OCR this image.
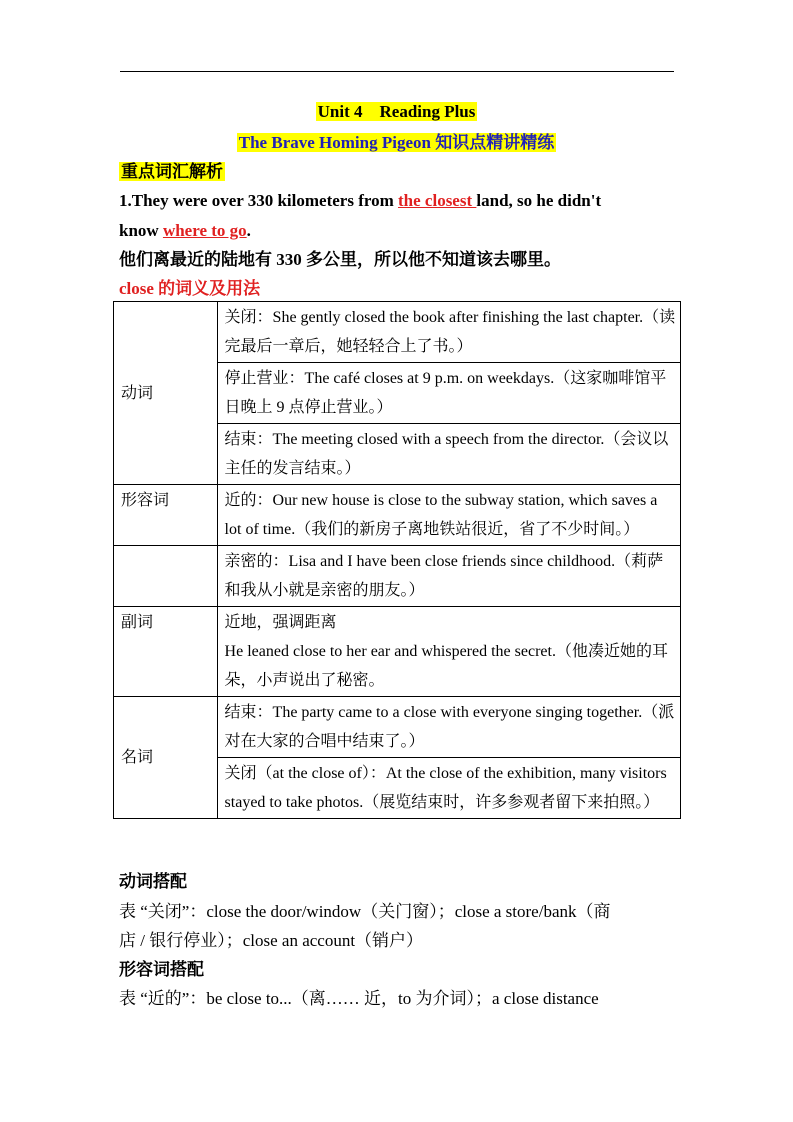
Unit 4　Reading Plus
The Brave Homing Pigeon 知识点精讲精练
重点词汇解析
1.They were over 330 kilometers from the closest land, so he didn't
know where to go.
他们离最近的陆地有 330 多公里，所以他不知道该去哪里。
close 的词义及用法
动词	关闭：She gently closed the book after finishing the last chapter.（读完最后一章后，她轻轻合上了书。）
	停止营业：The café closes at 9 p.m. on weekdays.（这家咖啡馆平日晚上 9 点停止营业。）
	结束：The meeting closed with a speech from the director.（会议以主任的发言结束。）
形容词	近的：Our new house is close to the subway station, which saves a lot of time.（我们的新房子离地铁站很近，省了不少时间。）
	亲密的：Lisa and I have been close friends since childhood.（莉萨和我从小就是亲密的朋友。）
副词	近地，强调距离
He leaned close to her ear and whispered the secret.（他凑近她的耳朵，小声说出了秘密。

名词	结束：The party came to a close with everyone singing together.（派对在大家的合唱中结束了。）
	关闭（at the close of）：At the close of the exhibition, many visitors stayed to take photos.（展览结束时，许多参观者留下来拍照。）
动词搭配
表 “关闭”：close the door/window（关门窗）；close a store/bank（商
店 / 银行停业）；close an account（销户）
形容词搭配
表 “近的”：be close to...（离…… 近，to 为介词）；a close distance
